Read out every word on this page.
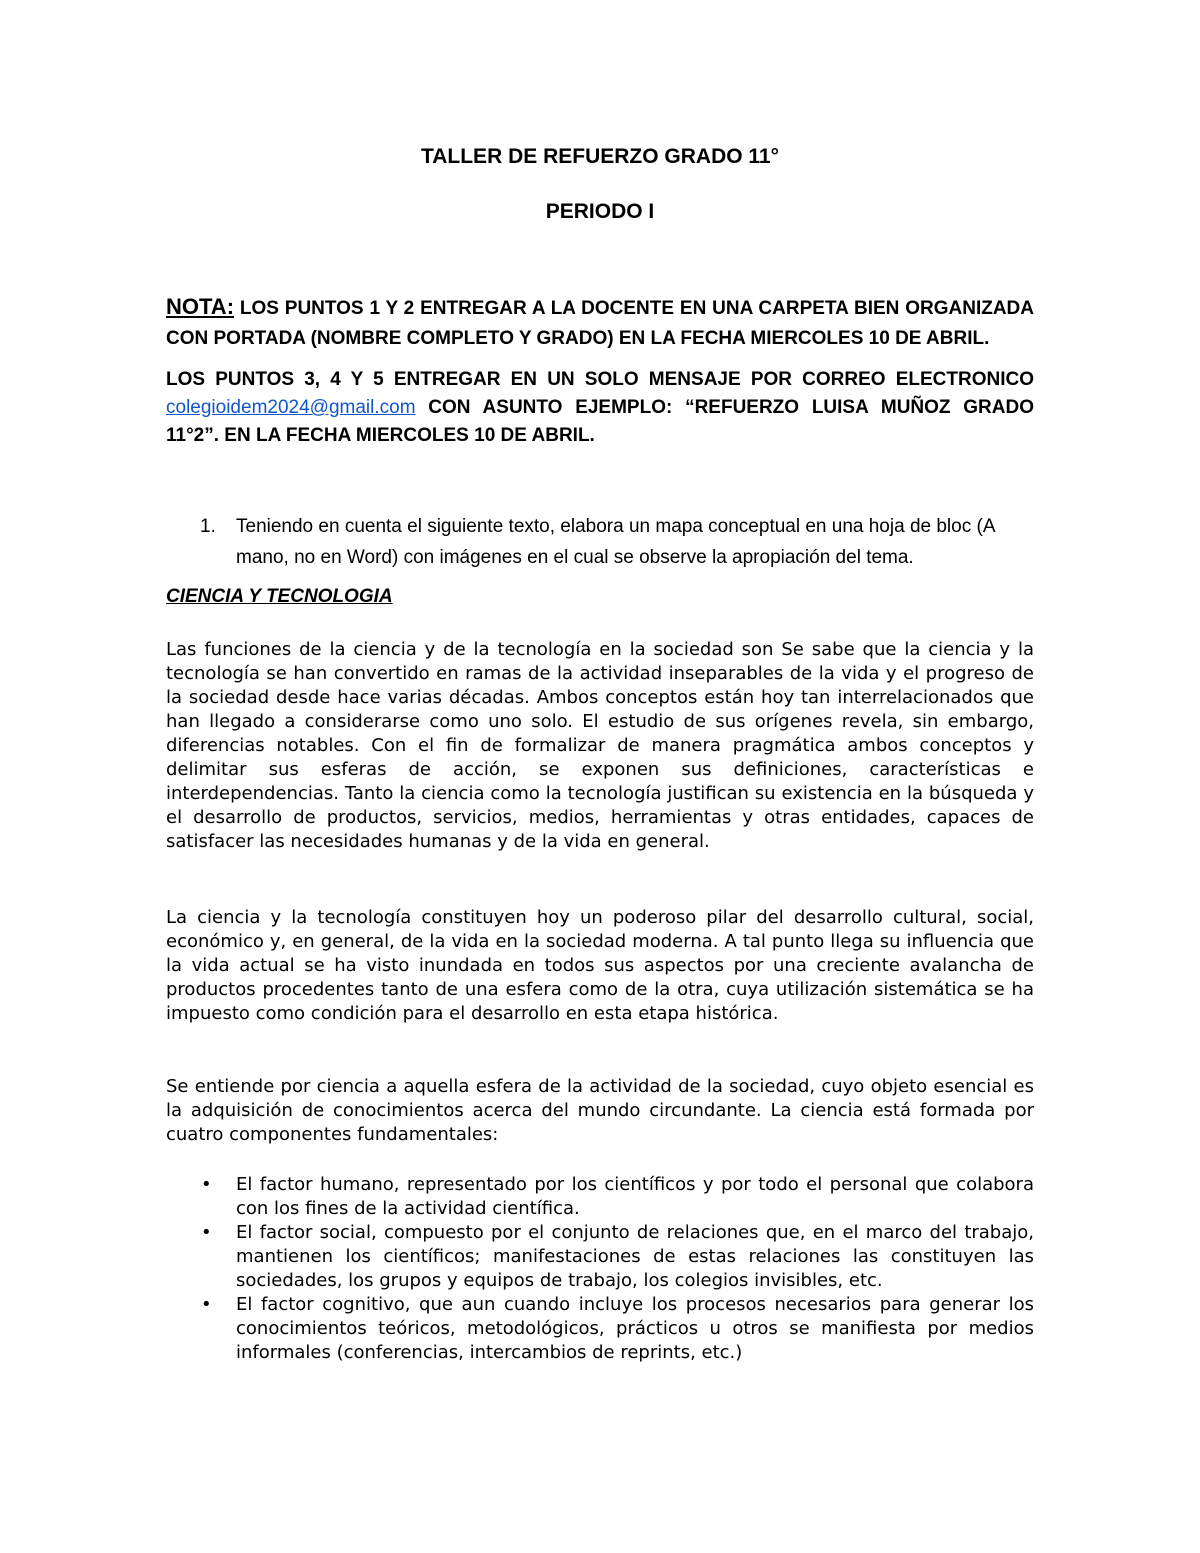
TALLER DE REFUERZO GRADO 11°

PERIODO I

NOTA: LOS PUNTOS 1 Y 2 ENTREGAR A LA DOCENTE EN UNA CARPETA BIEN ORGANIZADA CON PORTADA (NOMBRE COMPLETO Y GRADO) EN LA FECHA MIERCOLES 10 DE ABRIL.

LOS PUNTOS 3, 4 Y 5 ENTREGAR EN UN SOLO MENSAJE POR CORREO ELECTRONICO colegioidem2024@gmail.com CON ASUNTO EJEMPLO: “REFUERZO LUISA MUÑOZ GRADO 11°2”. EN LA FECHA MIERCOLES 10 DE ABRIL.

1. Teniendo en cuenta el siguiente texto, elabora un mapa conceptual en una hoja de bloc (A mano, no en Word) con imágenes en el cual se observe la apropiación del tema.

CIENCIA Y TECNOLOGIA

Las funciones de la ciencia y de la tecnología en la sociedad son Se sabe que la ciencia y la tecnología se han convertido en ramas de la actividad inseparables de la vida y el progreso de la sociedad desde hace varias décadas. Ambos conceptos están hoy tan interrelacionados que han llegado a considerarse como uno solo. El estudio de sus orígenes revela, sin embargo, diferencias notables. Con el fin de formalizar de manera pragmática ambos conceptos y delimitar sus esferas de acción, se exponen sus definiciones, características e interdependencias. Tanto la ciencia como la tecnología justifican su existencia en la búsqueda y el desarrollo de productos, servicios, medios, herramientas y otras entidades, capaces de satisfacer las necesidades humanas y de la vida en general.

La ciencia y la tecnología constituyen hoy un poderoso pilar del desarrollo cultural, social, económico y, en general, de la vida en la sociedad moderna. A tal punto llega su influencia que la vida actual se ha visto inundada en todos sus aspectos por una creciente avalancha de productos procedentes tanto de una esfera como de la otra, cuya utilización sistemática se ha impuesto como condición para el desarrollo en esta etapa histórica.

Se entiende por ciencia a aquella esfera de la actividad de la sociedad, cuyo objeto esencial es la adquisición de conocimientos acerca del mundo circundante. La ciencia está formada por cuatro componentes fundamentales:

• El factor humano, representado por los científicos y por todo el personal que colabora con los fines de la actividad científica.

• El factor social, compuesto por el conjunto de relaciones que, en el marco del trabajo, mantienen los científicos; manifestaciones de estas relaciones las constituyen las sociedades, los grupos y equipos de trabajo, los colegios invisibles, etc.

• El factor cognitivo, que aun cuando incluye los procesos necesarios para generar los conocimientos teóricos, metodológicos, prácticos u otros se manifiesta por medios informales (conferencias, intercambios de reprints, etc.)
